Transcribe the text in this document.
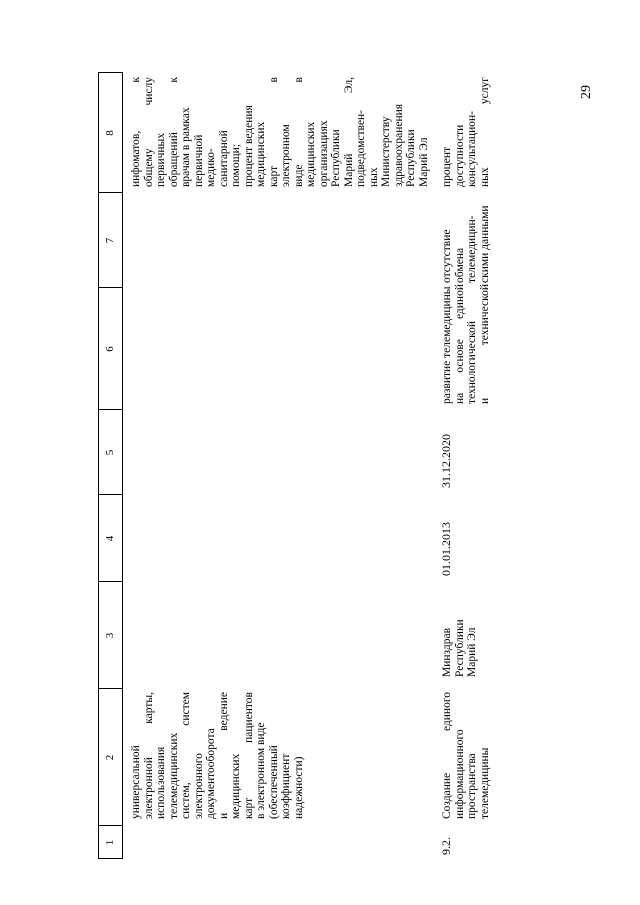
29
1
2
3
4
5
6
7
8
универсальной электронной
карты,
использования телемедицинских систем,
систем
электронного документооборота и
ведение
медицинских карт
пациентов
в электронном виде (обеспеченный коэффициент надежности)
инфоматов,
к
общему
числу
первичных обращений
к
врачам в рамках первичной медико- санитарной помощи; процент ведения медицинских карт
в
электронном виде
в
медицинских организациях Республики Марий
Эл,
подведомствен- ных Министерству здравоохранения Республики Марий Эл
9.2.
Создание
единого
информационного пространства телемедицины
Минздрав Республики Марий Эл
01.01.2013
31.12.2020
развитие телемедицины на
основе
единой
технологической и
технической
отсутствие обмена телемедицин- скими данными
процент доступности консультацион- ных
услуг
